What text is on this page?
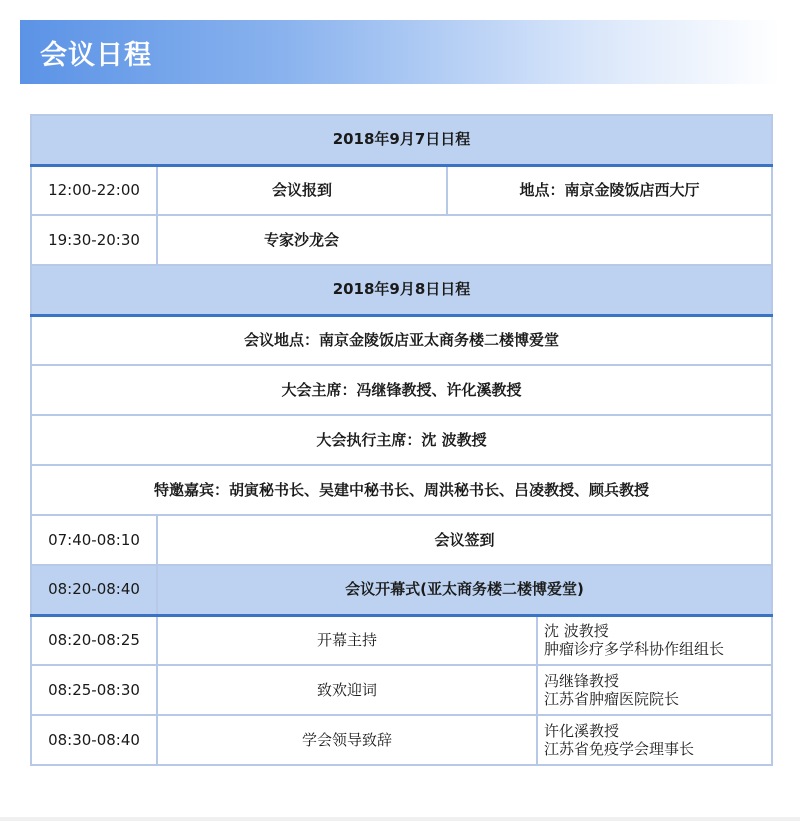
会议日程
2018年9月7日日程			
12:00-22:00	会议报到	地点：南京金陵饭店西大厅	
19:30-20:30	专家沙龙会		
2018年9月8日日程			
会议地点：南京金陵饭店亚太商务楼二楼博爱堂			
大会主席：冯继锋教授、许化溪教授			
大会执行主席：沈 波教授			
特邀嘉宾：胡寅秘书长、吴建中秘书长、周洪秘书长、吕凌教授、顾兵教授			
07:40-08:10	会议签到		
08:20-08:40	会议开幕式(亚太商务楼二楼博爱堂)		
08:20-08:25	开幕主持		沈 波教授
肿瘤诊疗多学科协作组组长

08:25-08:30	致欢迎词		冯继锋教授
江苏省肿瘤医院院长

08:30-08:40	学会领导致辞		许化溪教授
江苏省免疫学会理事长
